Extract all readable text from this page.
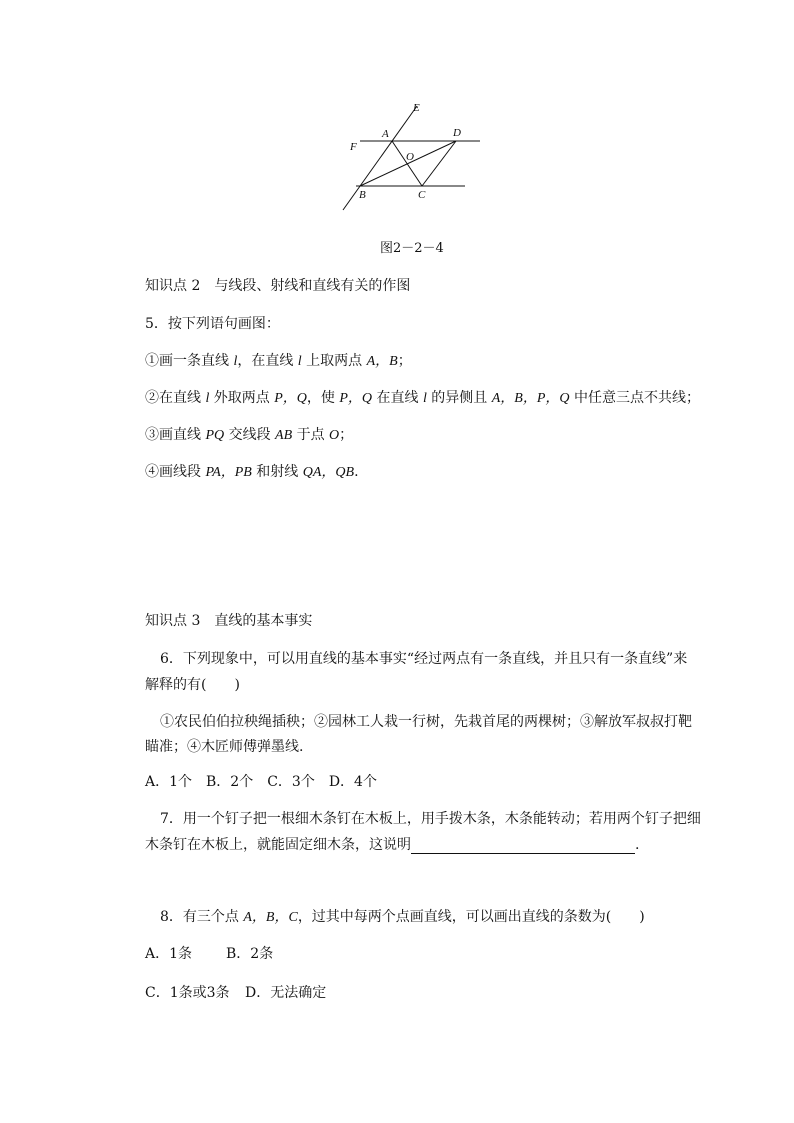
E
A	D
F
O
B	C
图2－2－4
知识点 2　与线段、射线和直线有关的作图
5．按下列语句画图：
①画一条直线 l，在直线 l 上取两点 A，B；
②在直线 l 外取两点 P，Q，使 P，Q 在直线 l 的异侧且 A，B，P，Q 中任意三点不共线；
③画直线 PQ 交线段 AB 于点 O；
④画线段 PA，PB 和射线 QA，QB.
知识点 3　直线的基本事实
6．下列现象中，可以用直线的基本事实“经过两点有一条直线，并且只有一条直线”来
解释的有(　　)
①农民伯伯拉秧绳插秧；②园林工人栽一行树，先栽首尾的两棵树；③解放军叔叔打靶
瞄准；④木匠师傅弹墨线.
A．1个　B．2个　C．3个　D．4个
7．用一个钉子把一根细木条钉在木板上，用手拨木条，木条能转动；若用两个钉子把细
木条钉在木板上，就能固定细木条，这说明	.
8．有三个点 A，B，C，过其中每两个点画直线，可以画出直线的条数为(　　)
A．1条 B．2条
C．1条或3条 D．无法确定
